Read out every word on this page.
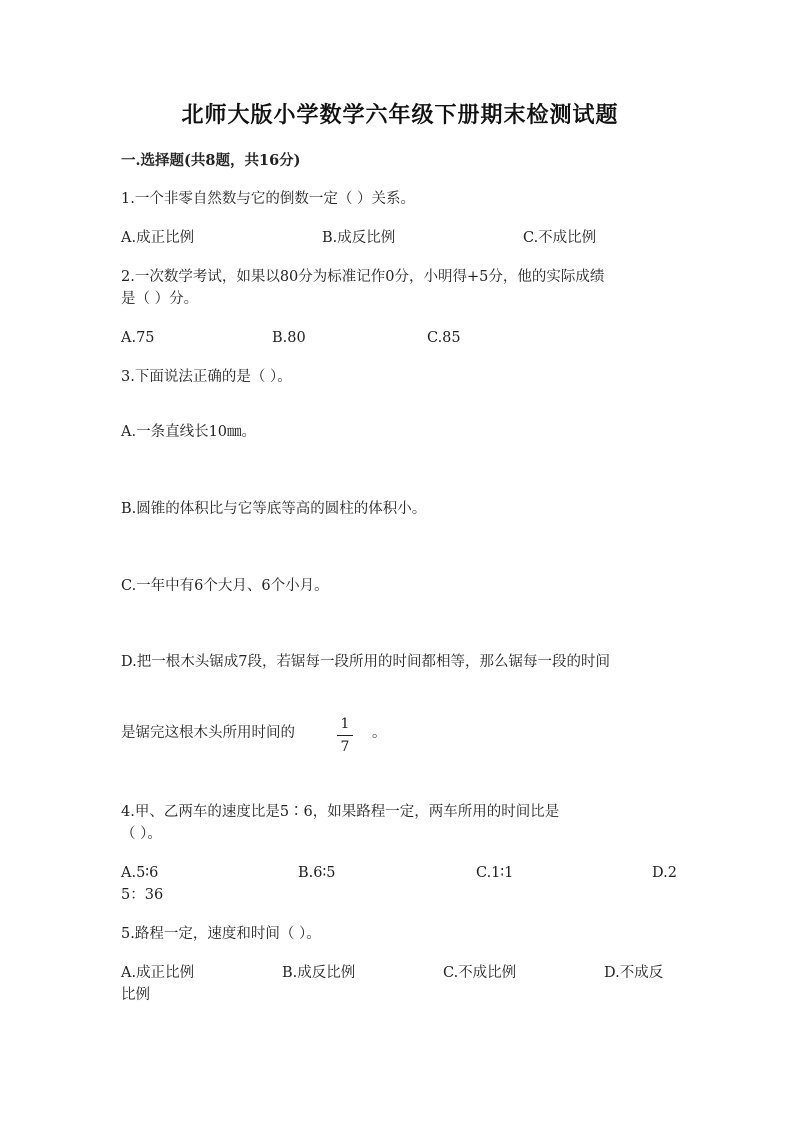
北师大版小学数学六年级下册期末检测试题
一.选择题(共8题，共16分)
1.一个非零自然数与它的倒数一定（ ）关系。
A.成正比例	B.成反比例	C.不成比例
2.一次数学考试，如果以80分为标准记作0分，小明得+5分，他的实际成绩
是（ ）分。
A.75	B.80	C.85
3.下面说法正确的是（ ）。
A.一条直线长10㎜。
B.圆锥的体积比与它等底等高的圆柱的体积小。
C.一年中有6个大月、6个小月。
D.把一根木头锯成7段，若锯每一段所用的时间都相等，那么锯每一段的时间
是锯完这根木头所用时间的
1
7
。
4.甲、乙两车的速度比是5∶6，如果路程一定，两车所用的时间比是
（ ）。
A.5∶6	B.6∶5	C.1∶1	D.2
5：36
5.路程一定，速度和时间（ ）。
A.成正比例	B.成反比例	C.不成比例	D.不成反
比例
